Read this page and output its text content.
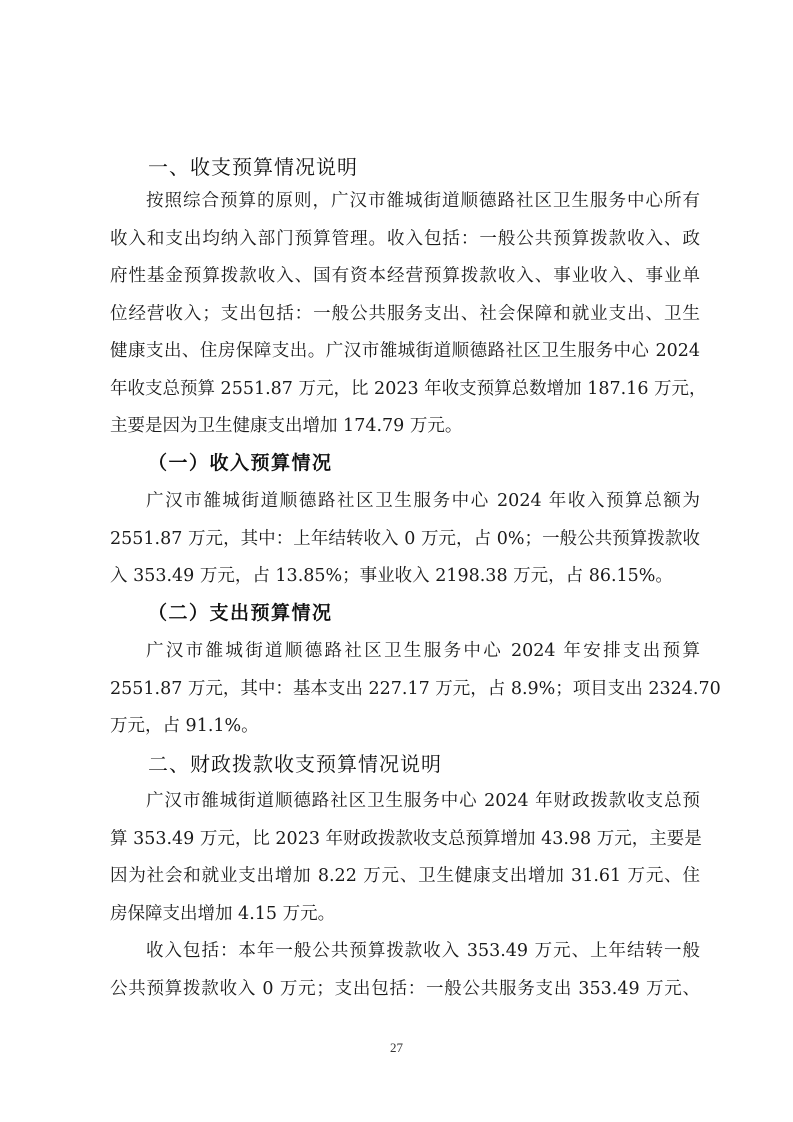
一、收支预算情况说明
按照综合预算的原则，广汉市雒城街道顺德路社区卫生服务中心所有
收入和支出均纳入部门预算管理。收入包括：一般公共预算拨款收入、政
府性基金预算拨款收入、国有资本经营预算拨款收入、事业收入、事业单
位经营收入；支出包括：一般公共服务支出、社会保障和就业支出、卫生
健康支出、住房保障支出。广汉市雒城街道顺德路社区卫生服务中心 2024
年收支总预算 2551.87 万元，比 2023 年收支预算总数增加 187.16 万元，
主要是因为卫生健康支出增加 174.79 万元。
（一）收入预算情况
广汉市雒城街道顺德路社区卫生服务中心 2024 年收入预算总额为
2551.87 万元，其中：上年结转收入 0 万元，占 0%；一般公共预算拨款收
入 353.49 万元，占 13.85%；事业收入 2198.38 万元，占 86.15%。
（二）支出预算情况
广汉市雒城街道顺德路社区卫生服务中心 2024 年安排支出预算
2551.87 万元，其中：基本支出 227.17 万元，占 8.9%；项目支出 2324.70
万元，占 91.1%。
二、财政拨款收支预算情况说明
广汉市雒城街道顺德路社区卫生服务中心 2024 年财政拨款收支总预
算 353.49 万元，比 2023 年财政拨款收支总预算增加 43.98 万元，主要是
因为社会和就业支出增加 8.22 万元、卫生健康支出增加 31.61 万元、住
房保障支出增加 4.15 万元。
收入包括：本年一般公共预算拨款收入 353.49 万元、上年结转一般
公共预算拨款收入 0 万元；支出包括：一般公共服务支出 353.49 万元、
27
